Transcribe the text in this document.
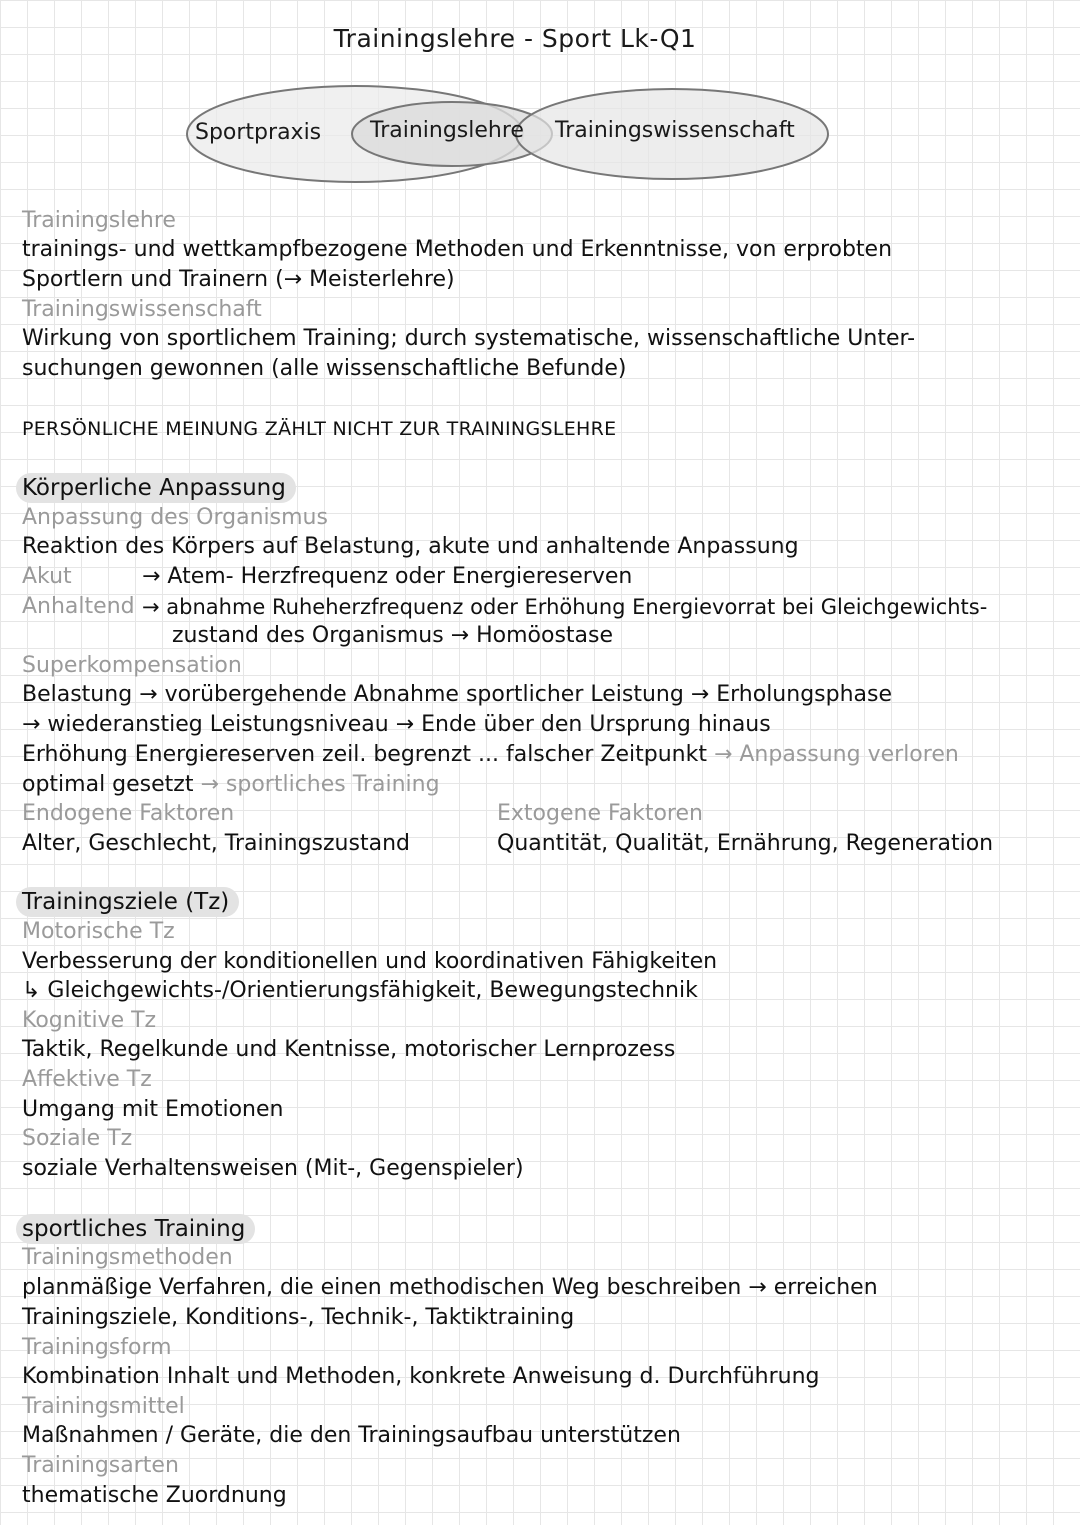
Trainingslehre - Sport Lk-Q1
Sportpraxis Trainingslehre Trainingswissenschaft
Trainingslehre
trainings- und wettkampfbezogene Methoden und Erkenntnisse, von erprobten
Sportlern und Trainern (→ Meisterlehre)
Trainingswissenschaft
Wirkung von sportlichem Training; durch systematische, wissenschaftliche Unter-
suchungen gewonnen (alle wissenschaftliche Befunde)
PERSÖNLICHE MEINUNG ZÄHLT NICHT ZUR TRAININGSLEHRE
Körperliche Anpassung
Anpassung des Organismus
Reaktion des Körpers auf Belastung, akute und anhaltende Anpassung
Akut	→ Atem- Herzfrequenz oder Energiereserven
Anhaltend → abnahme Ruheherzfrequenz oder Erhöhung Energievorrat bei Gleichgewichts-
zustand des Organismus → Homöostase
Superkompensation
Belastung → vorübergehende Abnahme sportlicher Leistung → Erholungsphase
→ wiederanstieg Leistungsniveau → Ende über den Ursprung hinaus
Erhöhung Energiereserven zeil. begrenzt ... falscher Zeitpunkt → Anpassung verloren
optimal gesetzt → sportliches Training
Endogene Faktoren	Extogene Faktoren
Alter, Geschlecht, Trainingszustand	Quantität, Qualität, Ernährung, Regeneration
Trainingsziele (Tz)
Motorische Tz
Verbesserung der konditionellen und koordinativen Fähigkeiten
↳ Gleichgewichts-/Orientierungsfähigkeit, Bewegungstechnik
Kognitive Tz
Taktik, Regelkunde und Kentnisse, motorischer Lernprozess
Affektive Tz
Umgang mit Emotionen
Soziale Tz
soziale Verhaltensweisen (Mit-, Gegenspieler)
sportliches Training
Trainingsmethoden
planmäßige Verfahren, die einen methodischen Weg beschreiben → erreichen
Trainingsziele, Konditions-, Technik-, Taktiktraining
Trainingsform
Kombination Inhalt und Methoden, konkrete Anweisung d. Durchführung
Trainingsmittel
Maßnahmen / Geräte, die den Trainingsaufbau unterstützen
Trainingsarten
thematische Zuordnung
